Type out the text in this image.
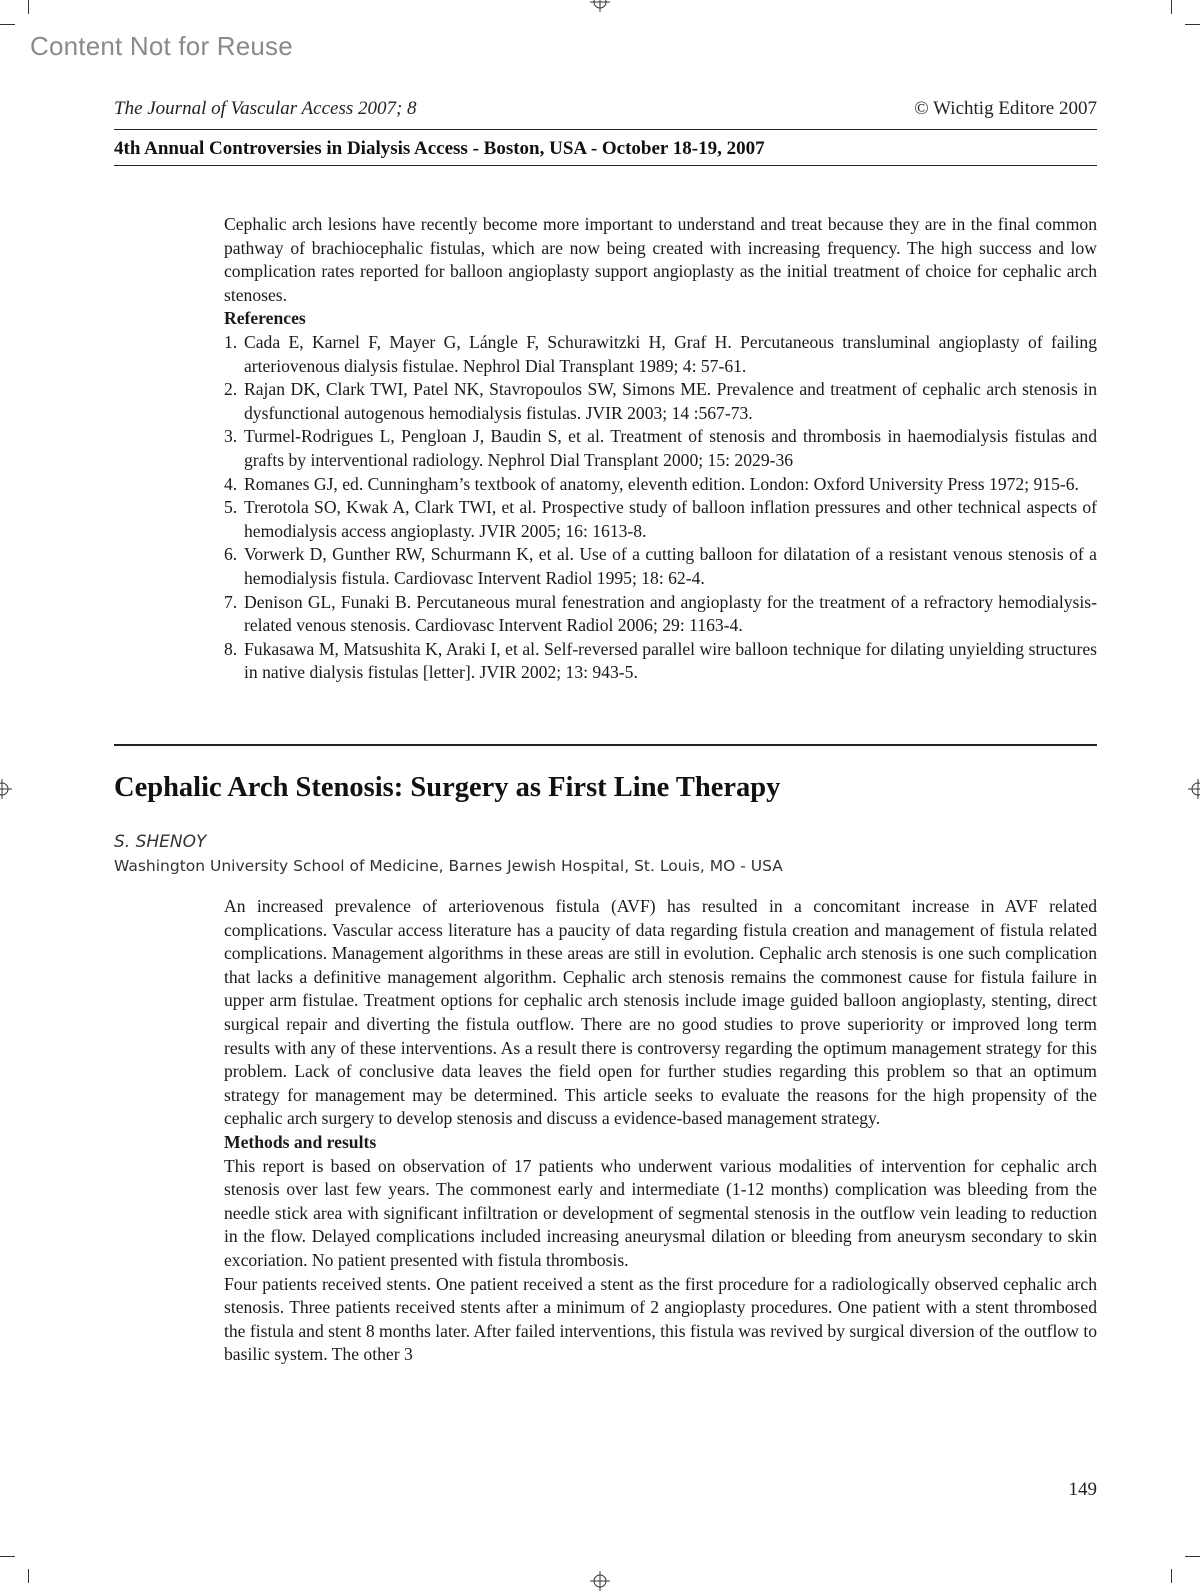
Content Not for Reuse
The Journal of Vascular Access 2007; 8	© Wichtig Editore 2007
4th Annual Controversies in Dialysis Access - Boston, USA - October 18-19, 2007

Cephalic arch lesions have recently become more important to understand and treat because they are in the final common pathway of brachiocephalic fistulas, which are now being created with increasing frequency. The high success and low complication rates reported for balloon angioplasty support angioplasty as the initial treatment of choice for cephalic arch stenoses.

References
1. Cada E, Karnel F, Mayer G, Lángle F, Schurawitzki H, Graf H. Percutaneous transluminal angioplasty of failing arteriovenous dialysis fistulae. Nephrol Dial Transplant 1989; 4: 57-61.
2. Rajan DK, Clark TWI, Patel NK, Stavropoulos SW, Simons ME. Prevalence and treatment of cephalic arch stenosis in dysfunctional autogenous hemodialysis fistulas. JVIR 2003; 14 :567-73.
3. Turmel-Rodrigues L, Pengloan J, Baudin S, et al. Treatment of stenosis and thrombosis in haemodialysis fistulas and grafts by interventional radiology. Nephrol Dial Transplant 2000; 15: 2029-36
4. Romanes GJ, ed. Cunningham’s textbook of anatomy, eleventh edition. London: Oxford University Press 1972; 915-6.
5. Trerotola SO, Kwak A, Clark TWI, et al. Prospective study of balloon inflation pressures and other technical aspects of hemodialysis access angioplasty. JVIR 2005; 16: 1613-8.
6. Vorwerk D, Gunther RW, Schurmann K, et al. Use of a cutting balloon for dilatation of a resistant venous stenosis of a hemodialysis fistula. Cardiovasc Intervent Radiol 1995; 18: 62-4.
7. Denison GL, Funaki B. Percutaneous mural fenestration and angioplasty for the treatment of a refractory hemodialysis-related venous stenosis. Cardiovasc Intervent Radiol 2006; 29: 1163-4.
8. Fukasawa M, Matsushita K, Araki I, et al. Self-reversed parallel wire balloon technique for dilating unyielding structures in native dialysis fistulas [letter]. JVIR 2002; 13: 943-5.
Cephalic Arch Stenosis: Surgery as First Line Therapy
S. SHENOY
Washington University School of Medicine, Barnes Jewish Hospital, St. Louis, MO - USA

An increased prevalence of arteriovenous fistula (AVF) has resulted in a concomitant increase in AVF related complications. Vascular access literature has a paucity of data regarding fistula creation and management of fistula related complications. Management algorithms in these areas are still in evolution. Cephalic arch stenosis is one such complication that lacks a definitive management algorithm. Cephalic arch stenosis remains the commonest cause for fistula failure in upper arm fistulae. Treatment options for cephalic arch stenosis include image guided balloon angioplasty, stenting, direct surgical repair and diverting the fistula outflow. There are no good studies to prove superiority or improved long term results with any of these interventions. As a result there is controversy regarding the optimum management strategy for this problem. Lack of conclusive data leaves the field open for further studies regarding this problem so that an optimum strategy for management may be determined. This article seeks to evaluate the reasons for the high propensity of the cephalic arch surgery to develop stenosis and discuss a evidence-based management strategy.

Methods and results

This report is based on observation of 17 patients who underwent various modalities of intervention for cephalic arch stenosis over last few years. The commonest early and intermediate (1-12 months) complication was bleeding from the needle stick area with significant infiltration or development of segmental stenosis in the outflow vein leading to reduction in the flow. Delayed complications included increasing aneurysmal dilation or bleeding from aneurysm secondary to skin excoriation. No patient presented with fistula thrombosis.

Four patients received stents. One patient received a stent as the first procedure for a radiologically observed cephalic arch stenosis. Three patients received stents after a minimum of 2 angioplasty procedures. One patient with a stent thrombosed the fistula and stent 8 months later. After failed interventions, this fistula was revived by surgical diversion of the outflow to basilic system. The other 3

149
